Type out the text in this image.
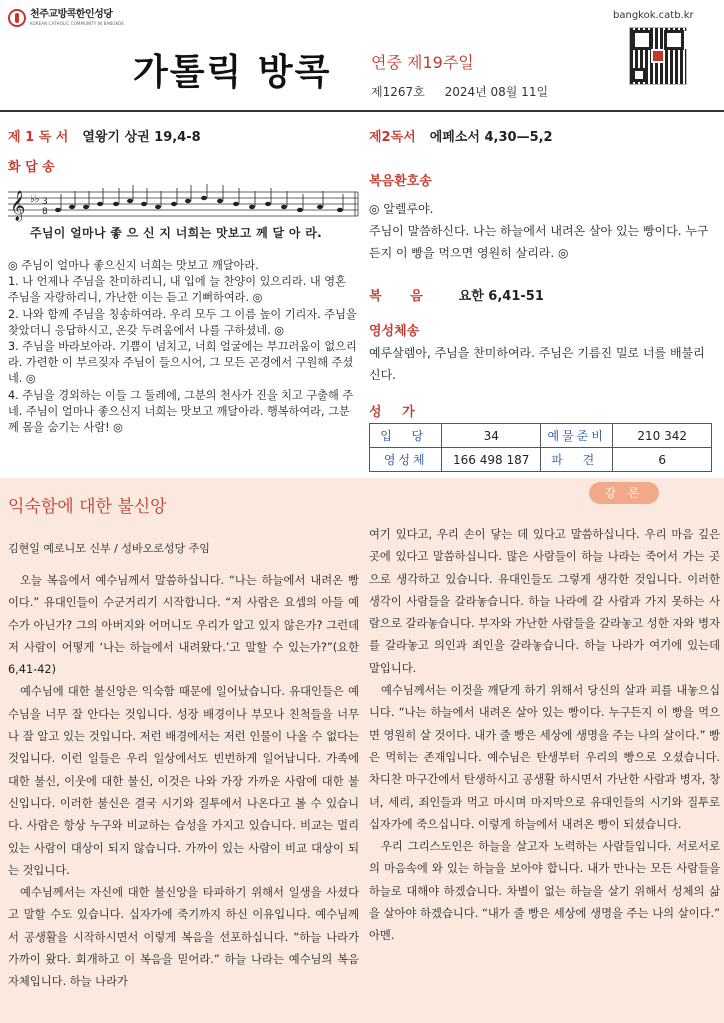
천주교방콕한인성당
KOREAN CATHOLIC COMMUNITY IN BANGKOK
bangkok.catb.kr
가톨릭 방콕 연중 제19주일
제1267호 2024년 08월 11일
제 1 독 서 열왕기 상권 19,4-8
화 답 송
𝄞 ♭♭ 3
8
주님이 얼마나 좋 으 신 지 너희는 맛보고 께 달 아 라.

◎ 주님이 얼마나 좋으신지 너희는 맛보고 깨달아라.

1. 나 언제나 주님을 찬미하리니, 내 입에 늘 찬양이 있으리라. 내 영혼 주님을 자랑하리니, 가난한 이는 듣고 기뻐하여라. ◎

2. 나와 함께 주님을 칭송하여라. 우리 모두 그 이름 높이 기리자. 주님을 찾았더니 응답하시고, 온갖 두려움에서 나를 구하셨네. ◎

3. 주님을 바라보아라. 기쁨이 넘치고, 너희 얼굴에는 부끄러움이 없으리라. 가련한 이 부르짖자 주님이 들으시어, 그 모든 곤경에서 구원해 주셨네. ◎

4. 주님을 경외하는 이들 그 둘레에, 그분의 천사가 진을 치고 구출해 주네. 주님이 얼마나 좋으신지 너희는 맛보고 깨달아라. 행복하여라, 그분께 몸을 숨기는 사람! ◎

제2독서 에페소서 4,30—5,2
복음환호송
◎ 알렐루야.
주님이 말씀하신다. 나는 하늘에서 내려온 살아 있는 빵이다. 누구든지 이 빵을 먹으면 영원히 살리라. ◎
복 음 요한 6,41-51
영성체송
예루살렘아, 주님을 찬미하여라. 주님은 기름진 밀로 너를 배불리신다.
성 가
입 당	34	예물준비	210 342
영성체	166 498 187	파 견	6
강 론
익숙함에 대한 불신앙
김현일 예로니모 신부 / 성바오로성당 주임

오늘 복음에서 예수님께서 말씀하십니다. “나는 하늘에서 내려온 빵이다.” 유대인들이 수군거리기 시작합니다. “저 사람은 요셉의 아들 예수가 아닌가? 그의 아버지와 어머니도 우리가 알고 있지 않은가? 그런데 저 사람이 어떻게 ‘나는 하늘에서 내려왔다.’고 말할 수 있는가?”(요한 6,41-42)

예수님에 대한 불신앙은 익숙함 때문에 일어났습니다. 유대인들은 예수님을 너무 잘 안다는 것입니다. 성장 배경이나 부모나 친척들을 너무나 잘 알고 있는 것입니다. 저런 배경에서는 저런 인물이 나올 수 없다는 것입니다. 이런 일들은 우리 일상에서도 빈번하게 일어납니다. 가족에 대한 불신, 이웃에 대한 불신, 이것은 나와 가장 가까운 사람에 대한 불신입니다. 이러한 불신은 결국 시기와 질투에서 나온다고 볼 수 있습니다. 사람은 항상 누구와 비교하는 습성을 가지고 있습니다. 비교는 멀리 있는 사람이 대상이 되지 않습니다. 가까이 있는 사람이 비교 대상이 되는 것입니다.

예수님께서는 자신에 대한 불신앙을 타파하기 위해서 일생을 사셨다고 말할 수도 있습니다. 십자가에 죽기까지 하신 이유입니다. 예수님께서 공생활을 시작하시면서 이렇게 복음을 선포하십니다. “하늘 나라가 가까이 왔다. 회개하고 이 복음을 믿어라.” 하늘 나라는 예수님의 복음 자체입니다. 하늘 나라가

여기 있다고, 우리 손이 닿는 데 있다고 말씀하십니다. 우리 마음 깊은 곳에 있다고 말씀하십니다. 많은 사람들이 하늘 나라는 죽어서 가는 곳으로 생각하고 있습니다. 유대인들도 그렇게 생각한 것입니다. 이러한 생각이 사람들을 갈라놓습니다. 하늘 나라에 갈 사람과 가지 못하는 사람으로 갈라놓습니다. 부자와 가난한 사람들을 갈라놓고 성한 자와 병자를 갈라놓고 의인과 죄인을 갈라놓습니다. 하늘 나라가 여기에 있는데 말입니다.

예수님께서는 이것을 깨닫게 하기 위해서 당신의 살과 피를 내놓으십니다. “나는 하늘에서 내려온 살아 있는 빵이다. 누구든지 이 빵을 먹으면 영원히 살 것이다. 내가 줄 빵은 세상에 생명을 주는 나의 살이다.” 빵은 먹히는 존재입니다. 예수님은 탄생부터 우리의 빵으로 오셨습니다. 차디찬 마구간에서 탄생하시고 공생활 하시면서 가난한 사람과 병자, 창녀, 세리, 죄인들과 먹고 마시며 마지막으로 유대인들의 시기와 질투로 십자가에 죽으십니다. 이렇게 하늘에서 내려온 빵이 되셨습니다.

우리 그리스도인은 하늘을 살고자 노력하는 사람들입니다. 서로서로의 마음속에 와 있는 하늘을 보아야 합니다. 내가 만나는 모든 사람들을 하늘로 대해야 하겠습니다. 차별이 없는 하늘을 살기 위해서 성체의 삶을 살아야 하겠습니다. “내가 줄 빵은 세상에 생명을 주는 나의 살이다.” 아멘.
